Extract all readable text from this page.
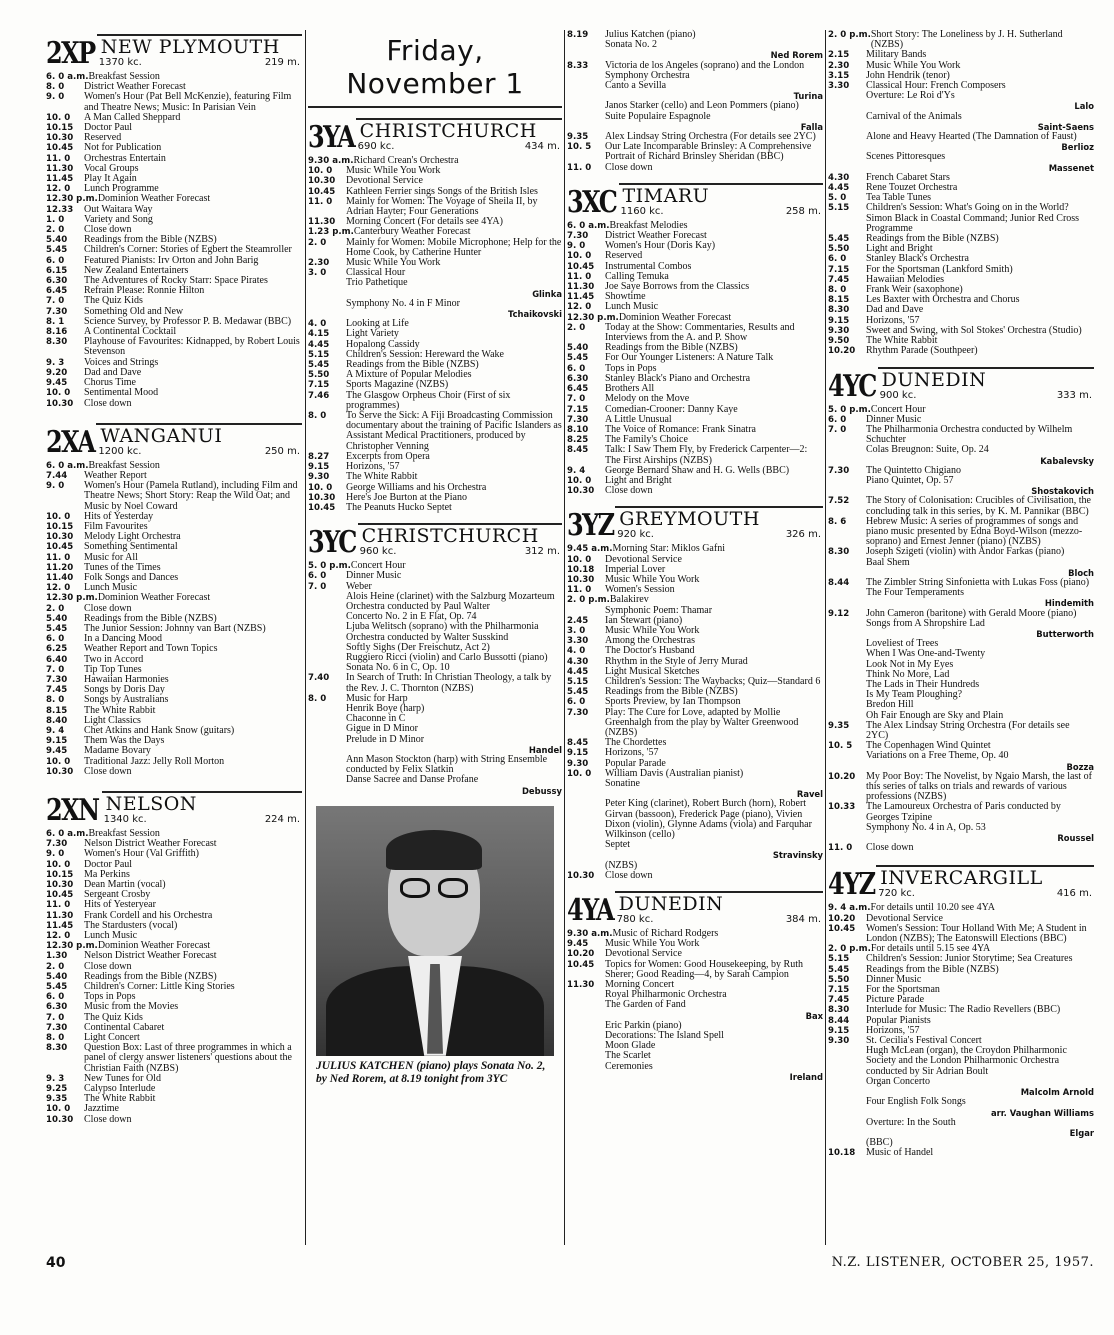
2XP NEW PLYMOUTH
1370 kc.	219 m.
6. 0 a.m. Breakfast Session
8. 0	District Weather Forecast
9. 0	Women's Hour (Pat Bell McKenzie), featuring Film and Theatre News; Music: In Parisian Vein
10. 0	A Man Called Sheppard
10.15	Doctor Paul
10.30	Reserved
10.45	Not for Publication
11. 0	Orchestras Entertain
11.30	Vocal Groups
11.45	Play It Again
12. 0	Lunch Programme
12.30 p.m. Dominion Weather Forecast
12.33	Out Waitara Way
1. 0	Variety and Song
2. 0	Close down
5.40	Readings from the Bible (NZBS)
5.45	Children's Corner: Stories of Egbert the Steamroller
6. 0	Featured Pianists: Irv Orton and John Barig
6.15	New Zealand Entertainers
6.30	The Adventures of Rocky Starr: Space Pirates
6.45	Refrain Please: Ronnie Hilton
7. 0	The Quiz Kids
7.30	Something Old and New
8. 1	Science Survey, by Professor P. B. Medawar (BBC)
8.16	A Continental Cocktail
8.30	Playhouse of Favourites: Kidnapped, by Robert Louis Stevenson
9. 3	Voices and Strings
9.20	Dad and Dave
9.45	Chorus Time
10. 0	Sentimental Mood
10.30	Close down
2XA WANGANUI
1200 kc.	250 m.
6. 0 a.m. Breakfast Session
7.44	Weather Report
9. 0	Women's Hour (Pamela Rutland), including Film and Theatre News; Short Story: Reap the Wild Oat; and Music by Noel Coward
10. 0	Hits of Yesterday
10.15	Film Favourites
10.30	Melody Light Orchestra
10.45	Something Sentimental
11. 0	Music for All
11.20	Tunes of the Times
11.40	Folk Songs and Dances
12. 0	Lunch Music
12.30 p.m. Dominion Weather Forecast
2. 0	Close down
5.40	Readings from the Bible (NZBS)
5.45	The Junior Session: Johnny van Bart (NZBS)
6. 0	In a Dancing Mood
6.25	Weather Report and Town Topics
6.40	Two in Accord
7. 0	Tip Top Tunes
7.30	Hawaiian Harmonies
7.45	Songs by Doris Day
8. 0	Songs by Australians
8.15	The White Rabbit
8.40	Light Classics
9. 4	Chet Atkins and Hank Snow (guitars)
9.15	Them Was the Days
9.45	Madame Bovary
10. 0	Traditional Jazz: Jelly Roll Morton
10.30	Close down
2XN NELSON
1340 kc.	224 m.
6. 0 a.m. Breakfast Session
7.30	Nelson District Weather Forecast
9. 0	Women's Hour (Val Griffith)
10. 0	Doctor Paul
10.15	Ma Perkins
10.30	Dean Martin (vocal)
10.45	Sergeant Crosby
11. 0	Hits of Yesteryear
11.30	Frank Cordell and his Orchestra
11.45	The Stardusters (vocal)
12. 0	Lunch Music
12.30 p.m. Dominion Weather Forecast
1.30	Nelson District Weather Forecast
2. 0	Close down
5.40	Readings from the Bible (NZBS)
5.45	Children's Corner: Little King Stories
6. 0	Tops in Pops
6.30	Music from the Movies
7. 0	The Quiz Kids
7.30	Continental Cabaret
8. 0	Light Concert
8.30	Question Box: Last of three programmes in which a panel of clergy answer listeners' questions about the Christian Faith (NZBS)
9. 3	New Tunes for Old
9.25	Calypso Interlude
9.35	The White Rabbit
10. 0	Jazztime
10.30	Close down
Friday, November 1
3YA CHRISTCHURCH
690 kc.	434 m.
9.30 a.m. Richard Crean's Orchestra
10. 0	Music While You Work
10.30	Devotional Service
10.45	Kathleen Ferrier sings Songs of the British Isles
11. 0	Mainly for Women: The Voyage of Sheila II, by Adrian Hayter; Four Generations
11.30	Morning Concert (For details see 4YA)
1.23 p.m. Canterbury Weather Forecast
2. 0	Mainly for Women: Mobile Microphone; Help for the Home Cook, by Catherine Hunter
2.30	Music While You Work
3. 0	Classical Hour
Trio Pathetique
Glinka
Symphony No. 4 in F Minor
Tchaikovski
4. 0	Looking at Life
4.15	Light Variety
4.45	Hopalong Cassidy
5.15	Children's Session: Hereward the Wake
5.45	Readings from the Bible (NZBS)
5.50	A Mixture of Popular Melodies
7.15	Sports Magazine (NZBS)
7.46	The Glasgow Orpheus Choir (First of six programmes)
8. 0	To Serve the Sick: A Fiji Broadcasting Commission documentary about the training of Pacific Islanders as Assistant Medical Practitioners, produced by Christopher Venning
8.27	Excerpts from Opera
9.15	Horizons, '57
9.30	The White Rabbit
10. 0	George Williams and his Orchestra
10.30	Here's Joe Burton at the Piano
10.45	The Peanuts Hucko Septet
3YC CHRISTCHURCH
960 kc.	312 m.
5. 0 p.m. Concert Hour
6. 0	Dinner Music
7. 0	Weber
Alois Heine (clarinet) with the Salzburg Mozarteum Orchestra conducted by Paul Walter
Concerto No. 2 in E Flat, Op. 74
Ljuba Welitsch (soprano) with the Philharmonia Orchestra conducted by Walter Susskind
Softly Sighs (Der Freischutz, Act 2)
Ruggiero Ricci (violin) and Carlo Bussotti (piano)
Sonata No. 6 in C, Op. 10
7.40	In Search of Truth: In Christian Theology, a talk by the Rev. J. C. Thornton (NZBS)
8. 0	Music for Harp
Henrik Boye (harp)
Chaconne in C
Gigue in D Minor
Prelude in D Minor
Handel
Ann Mason Stockton (harp) with String Ensemble conducted by Felix Slatkin
Danse Sacree and Danse Profane
Debussy
JULIUS KATCHEN (piano) plays Sonata No. 2, by Ned Rorem, at 8.19 tonight from 3YC
8.19	Julius Katchen (piano)
Sonata No. 2
Ned Rorem
8.33	Victoria de los Angeles (soprano) and the London Symphony Orchestra
Canto a Sevilla
Turina
Janos Starker (cello) and Leon Pommers (piano)
Suite Populaire Espagnole
Falla
9.35	Alex Lindsay String Orchestra (For details see 2YC)
10. 5	Our Late Incomparable Brinsley: A Comprehensive Portrait of Richard Brinsley Sheridan (BBC)
11. 0	Close down
3XC TIMARU
1160 kc.	258 m.
6. 0 a.m. Breakfast Melodies
7.30	District Weather Forecast
9. 0	Women's Hour (Doris Kay)
10. 0	Reserved
10.45	Instrumental Combos
11. 0	Calling Temuka
11.30	Joe Saye Borrows from the Classics
11.45	Showtime
12. 0	Lunch Music
12.30 p.m. Dominion Weather Forecast
2. 0	Today at the Show: Commentaries, Results and Interviews from the A. and P. Show
5.40	Readings from the Bible (NZBS)
5.45	For Our Younger Listeners: A Nature Talk
6. 0	Tops in Pops
6.30	Stanley Black's Piano and Orchestra
6.45	Brothers All
7. 0	Melody on the Move
7.15	Comedian-Crooner: Danny Kaye
7.30	A Little Unusual
8.10	The Voice of Romance: Frank Sinatra
8.25	The Family's Choice
8.45	Talk: I Saw Them Fly, by Frederick Carpenter—2: The First Airships (NZBS)
9. 4	George Bernard Shaw and H. G. Wells (BBC)
10. 0	Light and Bright
10.30	Close down
3YZ GREYMOUTH
920 kc.	326 m.
9.45 a.m. Morning Star: Miklos Gafni
10. 0	Devotional Service
10.18	Imperial Lover
10.30	Music While You Work
11. 0	Women's Session
2. 0 p.m. Balakirev
Symphonic Poem: Thamar
2.45	Ian Stewart (piano)
3. 0	Music While You Work
3.30	Among the Orchestras
4. 0	The Doctor's Husband
4.30	Rhythm in the Style of Jerry Murad
4.45	Light Musical Sketches
5.15	Children's Session: The Waybacks; Quiz—Standard 6
5.45	Readings from the Bible (NZBS)
6. 0	Sports Preview, by Ian Thompson
7.30	Play: The Cure for Love, adapted by Mollie Greenhalgh from the play by Walter Greenwood (NZBS)
8.45	The Chordettes
9.15	Horizons, '57
9.30	Popular Parade
10. 0	William Davis (Australian pianist)
Sonatine
Ravel
Peter King (clarinet), Robert Burch (horn), Robert Girvan (bassoon), Frederick Page (piano), Vivien Dixon (violin), Glynne Adams (viola) and Farquhar Wilkinson (cello)
Septet
Stravinsky
(NZBS)
10.30	Close down
4YA DUNEDIN
780 kc.	384 m.
9.30 a.m. Music of Richard Rodgers
9.45	Music While You Work
10.20	Devotional Service
10.45	Topics for Women: Good Housekeeping, by Ruth Sherer; Good Reading—4, by Sarah Campion
11.30	Morning Concert
Royal Philharmonic Orchestra
The Garden of Fand
Bax
Eric Parkin (piano)
Decorations: The Island Spell
Moon Glade
The Scarlet
Ceremonies
Ireland
2. 0 p.m. Short Story: The Loneliness by J. H. Sutherland (NZBS)
2.15	Military Bands
2.30	Music While You Work
3.15	John Hendrik (tenor)
3.30	Classical Hour: French Composers
Overture: Le Roi d'Ys
Lalo
Carnival of the Animals
Saint-Saens
Alone and Heavy Hearted (The Damnation of Faust)
Berlioz
Scenes Pittoresques
Massenet
4.30	French Cabaret Stars
4.45	Rene Touzet Orchestra
5. 0	Tea Table Tunes
5.15	Children's Session: What's Going on in the World? Simon Black in Coastal Command; Junior Red Cross Programme
5.45	Readings from the Bible (NZBS)
5.50	Light and Bright
6. 0	Stanley Black's Orchestra
7.15	For the Sportsman (Lankford Smith)
7.45	Hawaiian Melodies
8. 0	Frank Weir (saxophone)
8.15	Les Baxter with Orchestra and Chorus
8.30	Dad and Dave
9.15	Horizons, '57
9.30	Sweet and Swing, with Sol Stokes' Orchestra (Studio)
9.50	The White Rabbit
10.20	Rhythm Parade (Southpeer)
4YC DUNEDIN
900 kc.	333 m.
5. 0 p.m. Concert Hour
6. 0	Dinner Music
7. 0	The Philharmonia Orchestra conducted by Wilhelm Schuchter
Colas Breugnon: Suite, Op. 24
Kabalevsky
7.30	The Quintetto Chigiano
Piano Quintet, Op. 57
Shostakovich
7.52	The Story of Colonisation: Crucibles of Civilisation, the concluding talk in this series, by K. M. Pannikar (BBC)
8. 6	Hebrew Music: A series of programmes of songs and piano music presented by Edna Boyd-Wilson (mezzo-soprano) and Ernest Jenner (piano) (NZBS)
8.30	Joseph Szigeti (violin) with Andor Farkas (piano)
Baal Shem
Bloch
8.44	The Zimbler String Sinfonietta with Lukas Foss (piano)
The Four Temperaments
Hindemith
9.12	John Cameron (baritone) with Gerald Moore (piano)
Songs from A Shropshire Lad
Butterworth
Loveliest of Trees
When I Was One-and-Twenty
Look Not in My Eyes
Think No More, Lad
The Lads in Their Hundreds
Is My Team Ploughing?
Bredon Hill
Oh Fair Enough are Sky and Plain
9.35	The Alex Lindsay String Orchestra (For details see 2YC)
10. 5	The Copenhagen Wind Quintet
Variations on a Free Theme, Op. 40
Bozza
10.20	My Poor Boy: The Novelist, by Ngaio Marsh, the last of this series of talks on trials and rewards of various professions (NZBS)
10.33	The Lamoureux Orchestra of Paris conducted by Georges Tzipine
Symphony No. 4 in A, Op. 53
Roussel
11. 0	Close down
4YZ INVERCARGILL
720 kc.	416 m.
9. 4 a.m. For details until 10.20 see 4YA
10.20	Devotional Service
10.45	Women's Session: Tour Holland With Me; A Student in London (NZBS); The Eatonswill Elections (BBC)
2. 0 p.m. For details until 5.15 see 4YA
5.15	Children's Session: Junior Storytime; Sea Creatures
5.45	Readings from the Bible (NZBS)
5.50	Dinner Music
7.15	For the Sportsman
7.45	Picture Parade
8.30	Interlude for Music: The Radio Revellers (BBC)
8.44	Popular Pianists
9.15	Horizons, '57
9.30	St. Cecilia's Festival Concert
Hugh McLean (organ), the Croydon Philharmonic Society and the London Philharmonic Orchestra conducted by Sir Adrian Boult
Organ Concerto
Malcolm Arnold
Four English Folk Songs
arr. Vaughan Williams
Overture: In the South
Elgar
(BBC)
10.18	Music of Handel
40	N.Z. LISTENER, OCTOBER 25, 1957.
